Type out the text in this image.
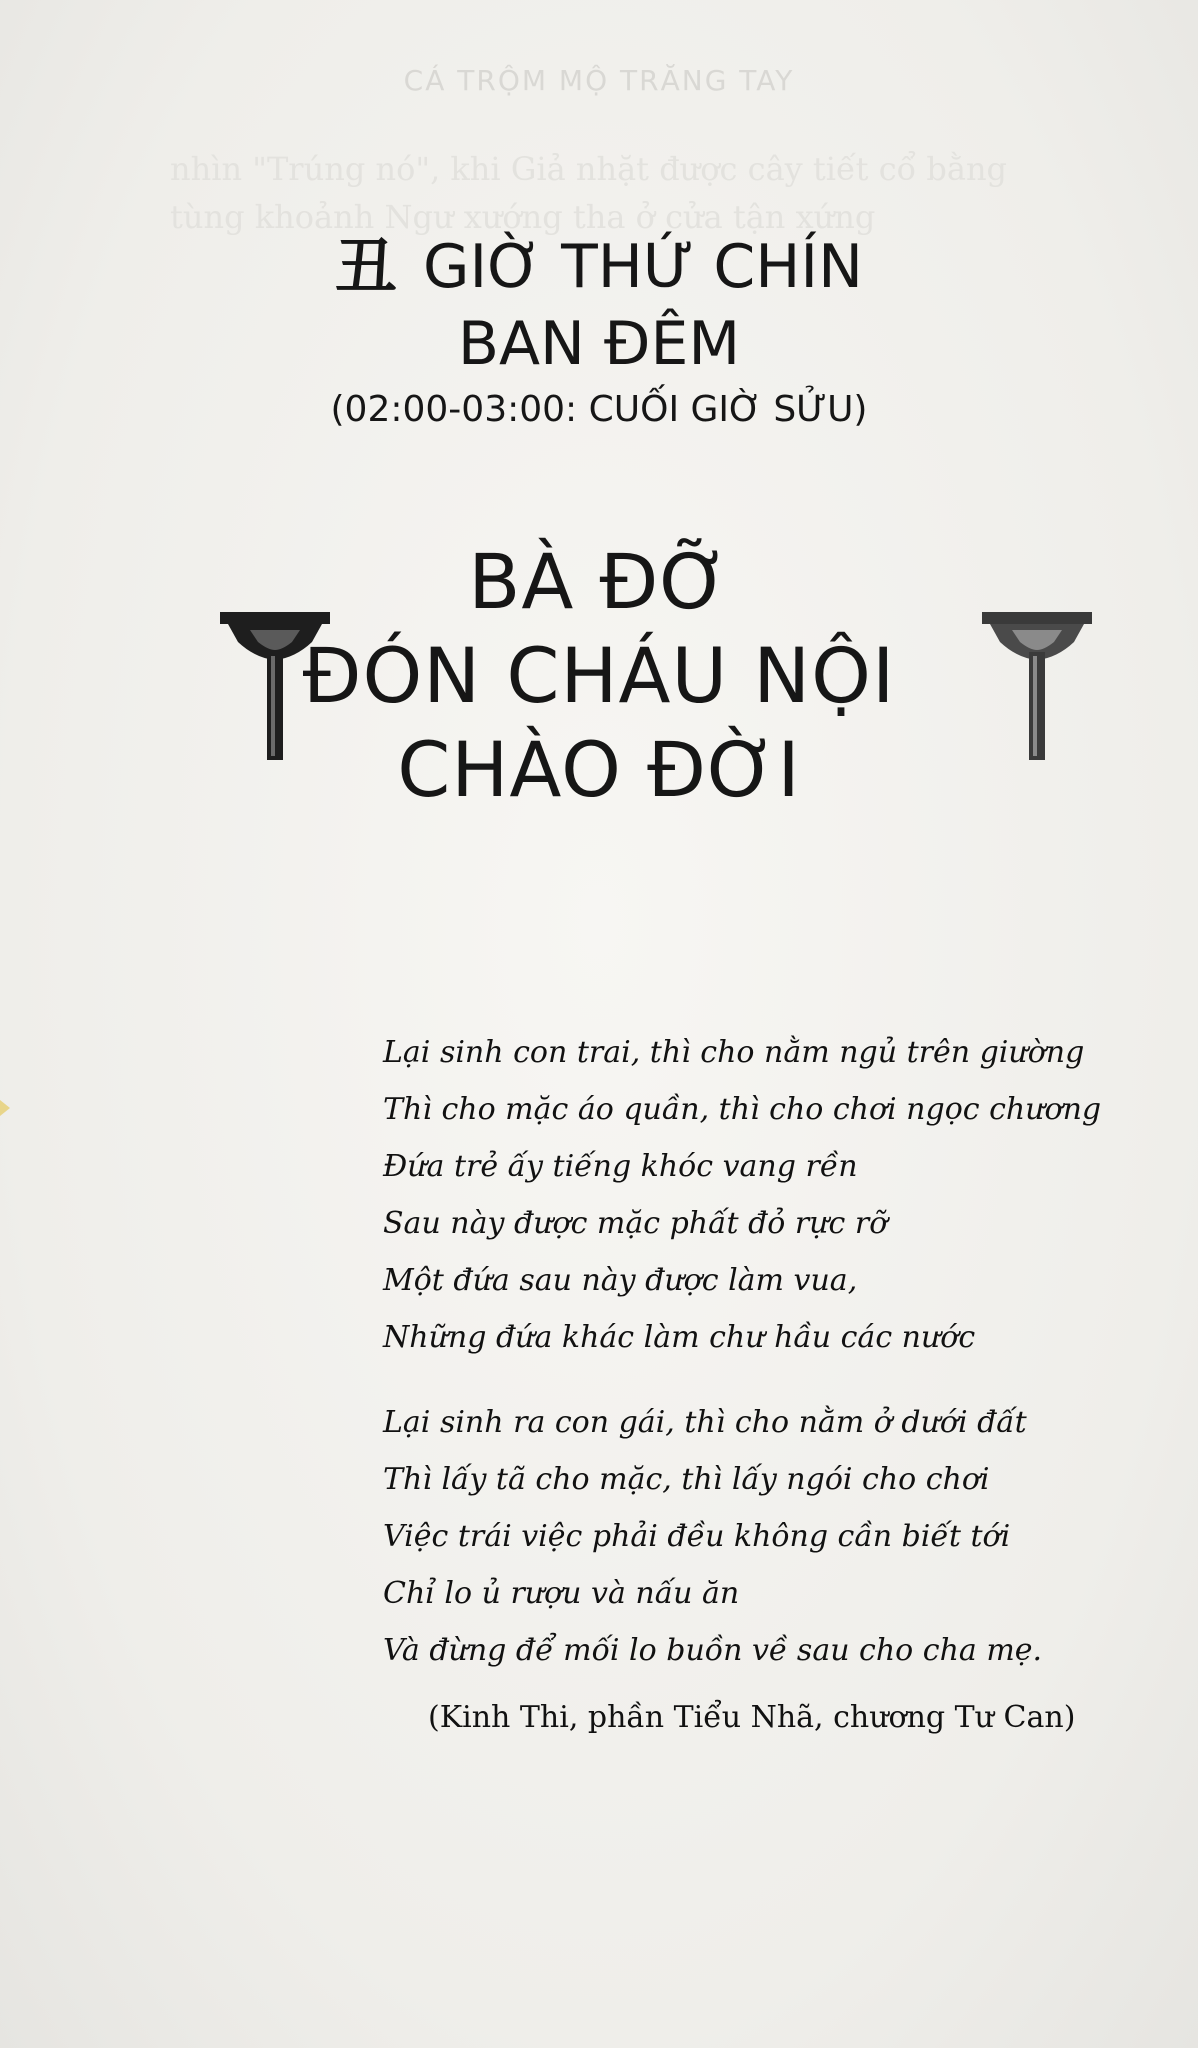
CÁ TRỘM MỘ TRĂNG TAY
nhìn "Trúng nó", khi Giả nhặt được cây tiết cổ bằng
tùng khoảnh Ngư xướng tha ở cửa tận xứng
丑 GIỜ THỨ CHÍN
BAN ĐÊM
(02:00-03:00: CUỐI GIỜ SỬU)
BÀ ĐỠ
ĐÓN CHÁU NỘI
CHÀO ĐỜI
Lại sinh con trai, thì cho nằm ngủ trên giường
Thì cho mặc áo quần, thì cho chơi ngọc chương
Đứa trẻ ấy tiếng khóc vang rền
Sau này được mặc phất đỏ rực rỡ
Một đứa sau này được làm vua,
Những đứa khác làm chư hầu các nước
Lại sinh ra con gái, thì cho nằm ở dưới đất
Thì lấy tã cho mặc, thì lấy ngói cho chơi
Việc trái việc phải đều không cần biết tới
Chỉ lo ủ rượu và nấu ăn
Và đừng để mối lo buồn về sau cho cha mẹ.
(Kinh Thi, phần Tiểu Nhã, chương Tư Can)
